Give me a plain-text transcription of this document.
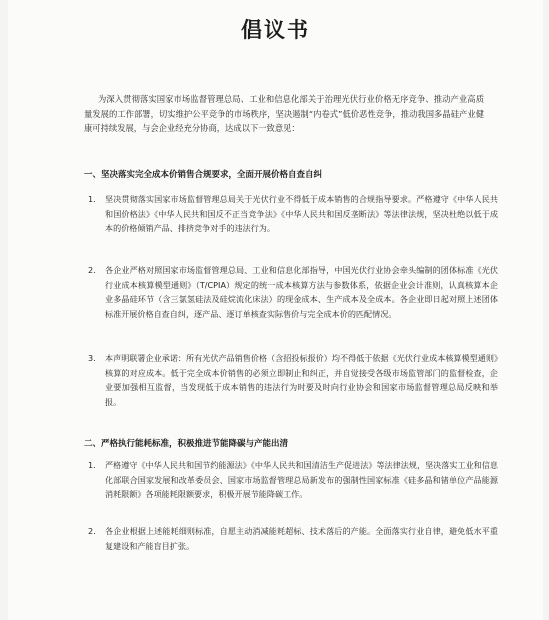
倡议书
为深入贯彻落实国家市场监督管理总局、工业和信息化部关于治理光伏行业价格无序竞争、推动产业高质量发展的工作部署，切实维护公平竞争的市场秩序，坚决遏制“内卷式”低价恶性竞争，推动我国多晶硅产业健康可持续发展，与会企业经充分协商，达成以下一致意见：
一、坚决落实完全成本价销售合规要求，全面开展价格自查自纠
1.	坚决贯彻落实国家市场监督管理总局关于光伏行业不得低于成本销售的合规指导要求。严格遵守《中华人民共和国价格法》《中华人民共和国反不正当竞争法》《中华人民共和国反垄断法》等法律法规，坚决杜绝以低于成本的价格倾销产品、排挤竞争对手的违法行为。
2.	各企业严格对照国家市场监督管理总局、工业和信息化部指导，中国光伏行业协会牵头编制的团体标准《光伏行业成本核算模型通则》（T/CPIA）规定的统一成本核算方法与参数体系，依据企业会计准则，认真核算本企业多晶硅环节（含三氯氢硅法及硅烷流化床法）的现金成本、生产成本及全成本。各企业即日起对照上述团体标准开展价格自查自纠，逐产品、逐订单核查实际售价与完全成本价的匹配情况。
3.	本声明联署企业承诺：所有光伏产品销售价格（含招投标报价）均不得低于依据《光伏行业成本核算模型通则》核算的对应成本。低于完全成本价销售的必须立即制止和纠正，并自觉接受各级市场监管部门的监督检查，企业要加强相互监督，当发现低于成本销售的违法行为时要及时向行业协会和国家市场监督管理总局反映和举报。
二、严格执行能耗标准，积极推进节能降碳与产能出清
1.	严格遵守《中华人民共和国节约能源法》《中华人民共和国清洁生产促进法》等法律法规，坚决落实工业和信息化部联合国家发展和改革委员会、国家市场监督管理总局新发布的强制性国家标准《硅多晶和锗单位产品能源消耗限额》各项能耗限额要求，积极开展节能降碳工作。
2.	各企业根据上述能耗细则标准，自愿主动消减能耗超标、技术落后的产能。全面落实行业自律，避免低水平重复建设和产能盲目扩张。
